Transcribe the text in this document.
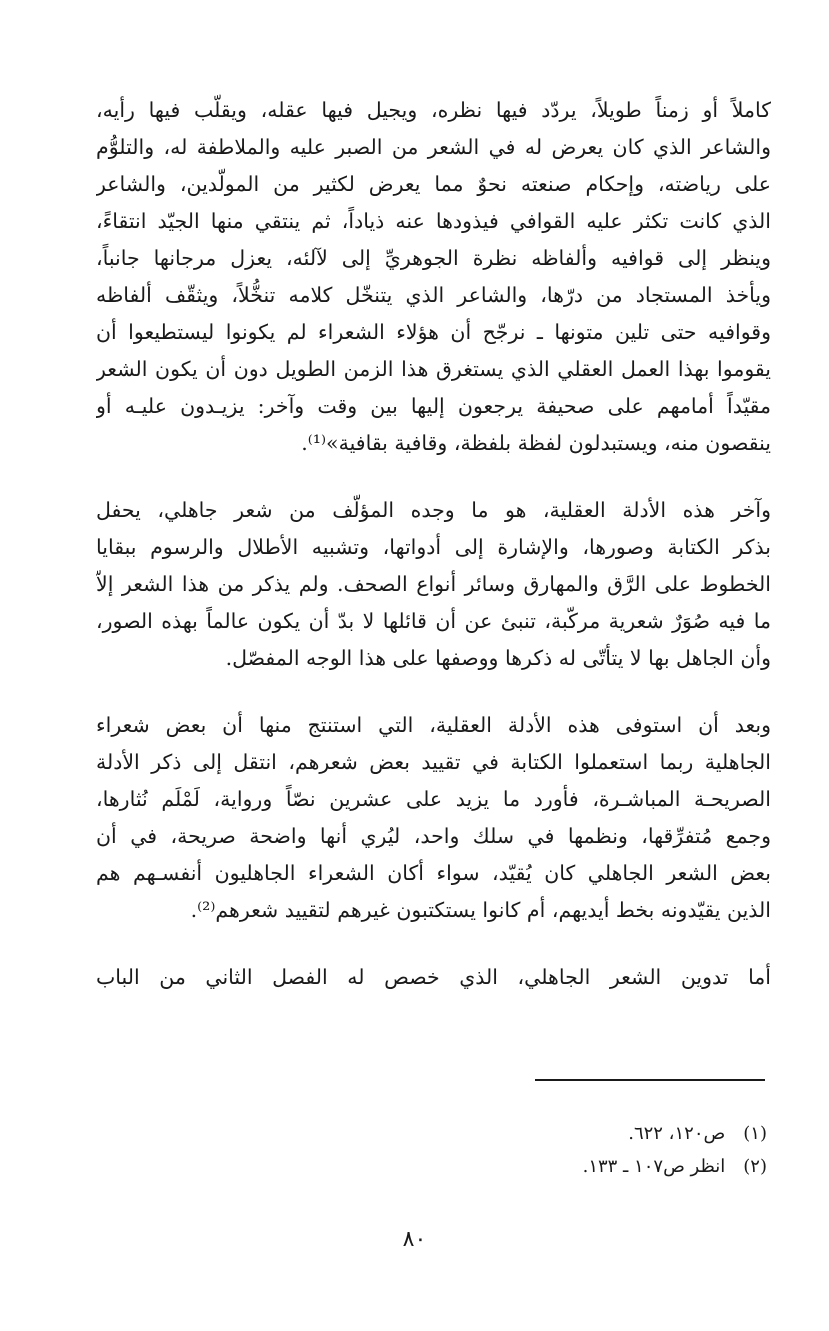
كاملاً أو زمناً طويلاً، يردّد فيها نظره، ويجيل فيها عقله، ويقلّب فيها رأيه،
والشاعر الذي كان يعرض له في الشعر من الصبر عليه والملاطفة له، والتلوُّم
على رياضته، وإحكام صنعته نحوٌ مما يعرض لكثير من المولّدين، والشاعر
الذي كانت تكثر عليه القوافي فيذودها عنه ذياداً، ثم ينتقي منها الجيّد انتقاءً،
وينظر إلى قوافيه وألفاظه نظرة الجوهريِّ إلى لآلئه، يعزل مرجانها جانباً،
ويأخذ المستجاد من درّها، والشاعر الذي يتنخّل كلامه تنخُّلاً، ويثقّف ألفاظه
وقوافيه حتى تلين متونها ـ نرجّح أن هؤلاء الشعراء لم يكونوا ليستطيعوا أن
يقوموا بهذا العمل العقلي الذي يستغرق هذا الزمن الطويل دون أن يكون الشعر
مقيّداً أمامهم على صحيفة يرجعون إليها بين وقت وآخر: يزيـدون عليـه أو
ينقصون منه، ويستبدلون لفظة بلفظة، وقافية بقافية»⁽¹⁾.
وآخر هذه الأدلة العقلية، هو ما وجده المؤلّف من شعر جاهلي، يحفل
بذكر الكتابة وصورها، والإشارة إلى أدواتها، وتشبيه الأطلال والرسوم ببقايا
الخطوط على الرَّق والمهارق وسائر أنواع الصحف. ولم يذكر من هذا الشعر إلاّ
ما فيه صُوَرٌ شعرية مركّبة، تنبئ عن أن قائلها لا بدّ أن يكون عالماً بهذه الصور،
وأن الجاهل بها لا يتأتّى له ذكرها ووصفها على هذا الوجه المفصّل.
وبعد أن استوفى هذه الأدلة العقلية، التي استنتج منها أن بعض شعراء
الجاهلية ربما استعملوا الكتابة في تقييد بعض شعرهم، انتقل إلى ذكر الأدلة
الصريحـة المباشـرة، فأورد ما يزيد على عشرين نصّاً ورواية، لَمْلَم نُثارها،
وجمع مُتفرِّقها، ونظمها في سلك واحد، ليُري أنها واضحة صريحة، في أن
بعض الشعر الجاهلي كان يُقيّد، سواء أكان الشعراء الجاهليون أنفسـهم هم
الذين يقيّدونه بخط أيديهم، أم كانوا يستكتبون غيرهم لتقييد شعرهم⁽²⁾.
أما تدوين الشعر الجاهلي، الذي خصص له الفصل الثاني من الباب
(١)ص١٢٠، ٦٢٢.
(٢)انظر ص١٠٧ ـ ١٣٣.
٨٠
